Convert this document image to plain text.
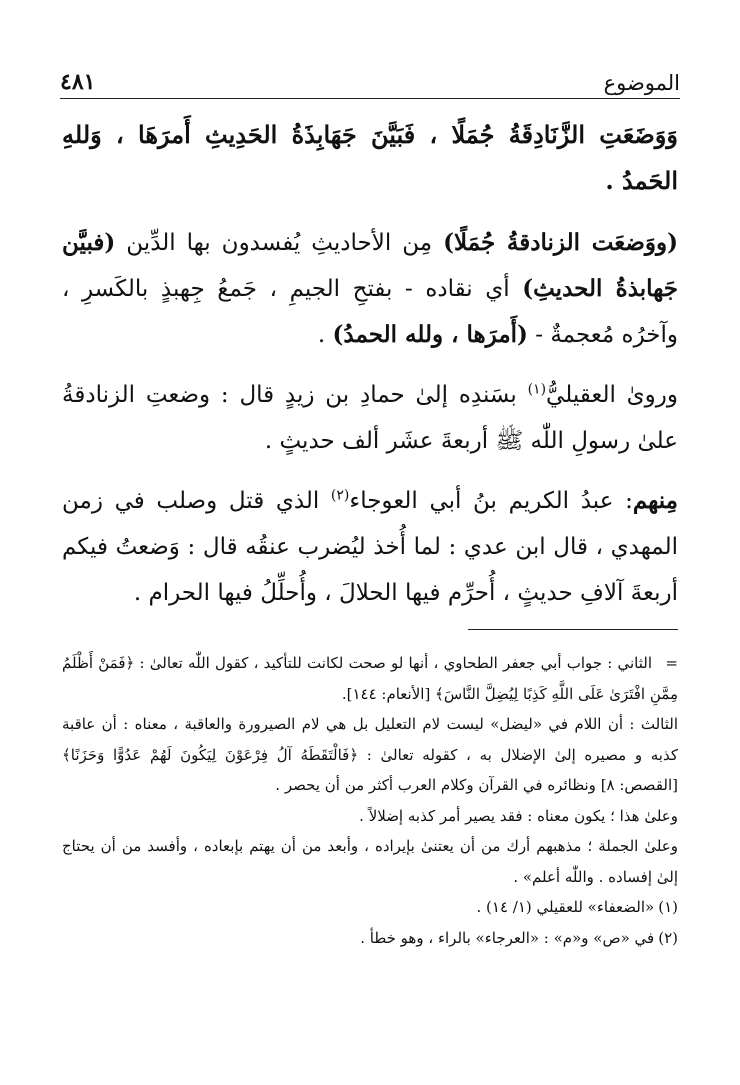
الموضوع
٤٨١

وَوَضَعَتِ الزَّنَادِقَةُ جُمَلًا ، فَبَيَّنَ جَهَابِذَةُ الحَدِيثِ أَمرَهَا ، وَللهِ الحَمدُ .

(ووَضعَت الزنادقةُ جُمَلًا) مِن الأحاديثِ يُفسدون بها الدِّين (فبيَّن جَهابذةُ الحديثِ) أي نقاده - بفتحِ الجيمِ ، جَمعُ جِهبذٍ بالكَسرِ ، وآخرُه مُعجمةٌ - (أَمرَها ، ولله الحمدُ) .

وروىٰ العقيليُّ$^{(١)}$ بسَندِه إلىٰ حمادِ بن زيدٍ قال : وضعتِ الزنادقةُ علىٰ رسولِ اللّٰه ﷺ أربعةَ عشَر ألف حديثٍ .

مِنهم: عبدُ الكريم بنُ أبي العوجاء$^{(٢)}$ الذي قتل وصلب في زمن المهدي ، قال ابن عدي : لما أُخذ ليُضرب عنقُه قال : وَضعتُ فيكم أربعةَ آلافِ حديثٍ ، أُحرِّم فيها الحلالَ ، وأُحلِّلُ فيها الحرام .

=الثاني : جواب أبي جعفر الطحاوي ، أنها لو صحت لكانت للتأكيد ، كقول اللّٰه تعالىٰ : ﴿فَمَنْ أَظْلَمُ مِمَّنِ افْتَرَىٰ عَلَى اللَّهِ كَذِبًا لِيُضِلَّ النَّاسَ﴾ [الأنعام: ١٤٤].

الثالث : أن اللام في «ليضل» ليست لام التعليل بل هي لام الصيرورة والعاقبة ، معناه : أن عاقبة كذبه و مصيره إلىٰ الإضلال به ، كقوله تعالىٰ : ﴿فَالْتَقَطَهُ آلُ فِرْعَوْنَ لِيَكُونَ لَهُمْ عَدُوًّا وَحَزَنًا﴾ [القصص: ٨] ونظائره في القرآن وكلام العرب أكثر من أن يحصر .

وعلىٰ هذا ؛ يكون معناه : فقد يصير أمر كذبه إضلالاً .

وعلىٰ الجملة ؛ مذهبهم أرك من أن يعتنىٰ بإيراده ، وأبعد من أن يهتم بإبعاده ، وأفسد من أن يحتاج إلىٰ إفساده . واللّٰه أعلم» .

(١)«الضعفاء» للعقيلي (١/ ١٤) .

(٢)في «ص» و«م» : «العرجاء» بالراء ، وهو خطأ .
